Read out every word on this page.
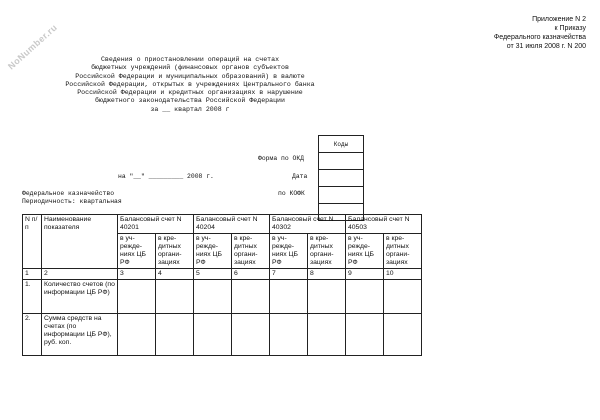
NoNumber.ru
Приложение N 2
к Приказу
Федерального казначейства
от 31 июля 2008 г. N 200
Сведения о приостановлении операций на счетах
бюджетных учреждений (финансовых органов субъектов
Российской Федерации и муниципальных образований) в валюте
Российской Федерации, открытых в учреждениях Центрального банка
Российской Федерации и кредитных организациях в нарушение
бюджетного законодательства Российской Федерации
за __ квартал 2008 г
Коды

Форма по ОКД
на "__" _________ 2008 г.	Дата
Федеральное казначейство	по КОФК
Периодичность: квартальная
N п/п	Наименование показателя	Балансовый счет N 40201		Балансовый счет N 40204		Балансовый счет N 40302		Балансовый счет N 40503	
		в уч- режде- ниях ЦБ РФ	в кре- дитных органи- зациях	в уч- режде- ниях ЦБ РФ	в кре- дитных органи- зациях	в уч- режде- ниях ЦБ РФ	в кре- дитных органи- зациях	в уч- режде- ниях ЦБ РФ	в кре- дитных органи- зациях
1	2	3	4	5	6	7	8	9	10
1.	Количество счетов (по информации ЦБ РФ)								
2.	Сумма средств на счетах (по информации ЦБ РФ), руб. коп.								
